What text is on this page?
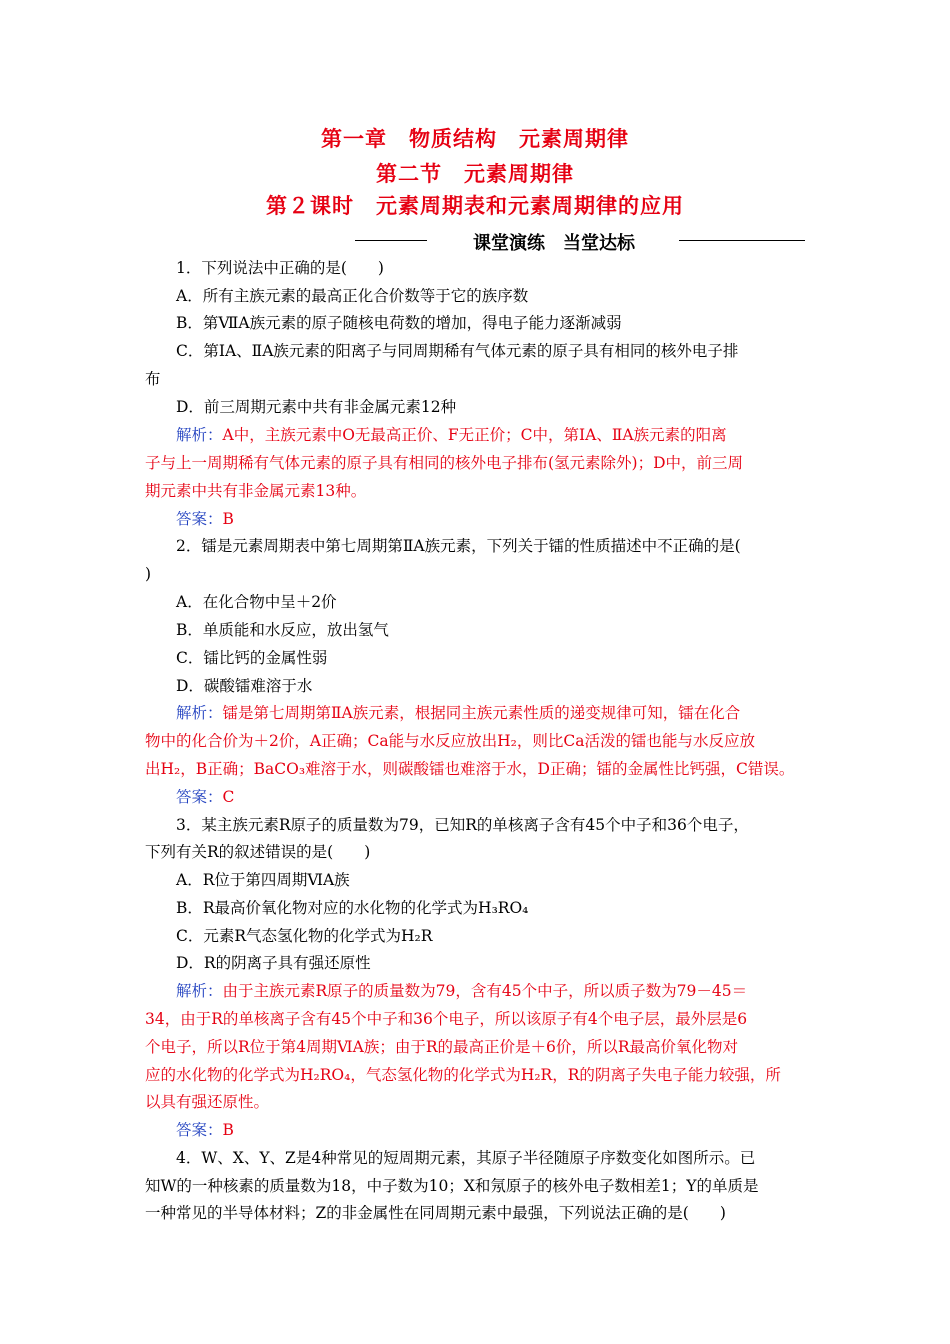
第一章　物质结构　元素周期律
第二节　元素周期律
第２课时　元素周期表和元素周期律的应用
课堂演练　当堂达标
1．下列说法中正确的是(　　)
A．所有主族元素的最高正化合价数等于它的族序数
B．第ⅦA族元素的原子随核电荷数的增加，得电子能力逐渐减弱
C．第ⅠA、ⅡA族元素的阳离子与同周期稀有气体元素的原子具有相同的核外电子排
布
D．前三周期元素中共有非金属元素12种
解析：A中，主族元素中O无最高正价、F无正价；C中，第ⅠA、ⅡA族元素的阳离
子与上一周期稀有气体元素的原子具有相同的核外电子排布(氢元素除外)；D中，前三周
期元素中共有非金属元素13种。
答案：B
2．镭是元素周期表中第七周期第ⅡA族元素，下列关于镭的性质描述中不正确的是(
)
A．在化合物中呈＋2价
B．单质能和水反应，放出氢气
C．镭比钙的金属性弱
D．碳酸镭难溶于水
解析：镭是第七周期第ⅡA族元素，根据同主族元素性质的递变规律可知，镭在化合
物中的化合价为＋2价，A正确；Ca能与水反应放出H₂，则比Ca活泼的镭也能与水反应放
出H₂，B正确；BaCO₃难溶于水，则碳酸镭也难溶于水，D正确；镭的金属性比钙强，C错误。
答案：C
3．某主族元素R原子的质量数为79，已知R的单核离子含有45个中子和36个电子，
下列有关R的叙述错误的是(　　)
A．R位于第四周期ⅥA族
B．R最高价氧化物对应的水化物的化学式为H₃RO₄
C．元素R气态氢化物的化学式为H₂R
D．R的阴离子具有强还原性
解析：由于主族元素R原子的质量数为79，含有45个中子，所以质子数为79－45＝
34，由于R的单核离子含有45个中子和36个电子，所以该原子有4个电子层，最外层是6
个电子，所以R位于第4周期ⅥA族；由于R的最高正价是＋6价，所以R最高价氧化物对
应的水化物的化学式为H₂RO₄，气态氢化物的化学式为H₂R，R的阴离子失电子能力较强，所
以具有强还原性。
答案：B
4．W、X、Y、Z是4种常见的短周期元素，其原子半径随原子序数变化如图所示。已
知W的一种核素的质量数为18，中子数为10；X和氖原子的核外电子数相差1；Y的单质是
一种常见的半导体材料；Z的非金属性在同周期元素中最强，下列说法正确的是(　　)
